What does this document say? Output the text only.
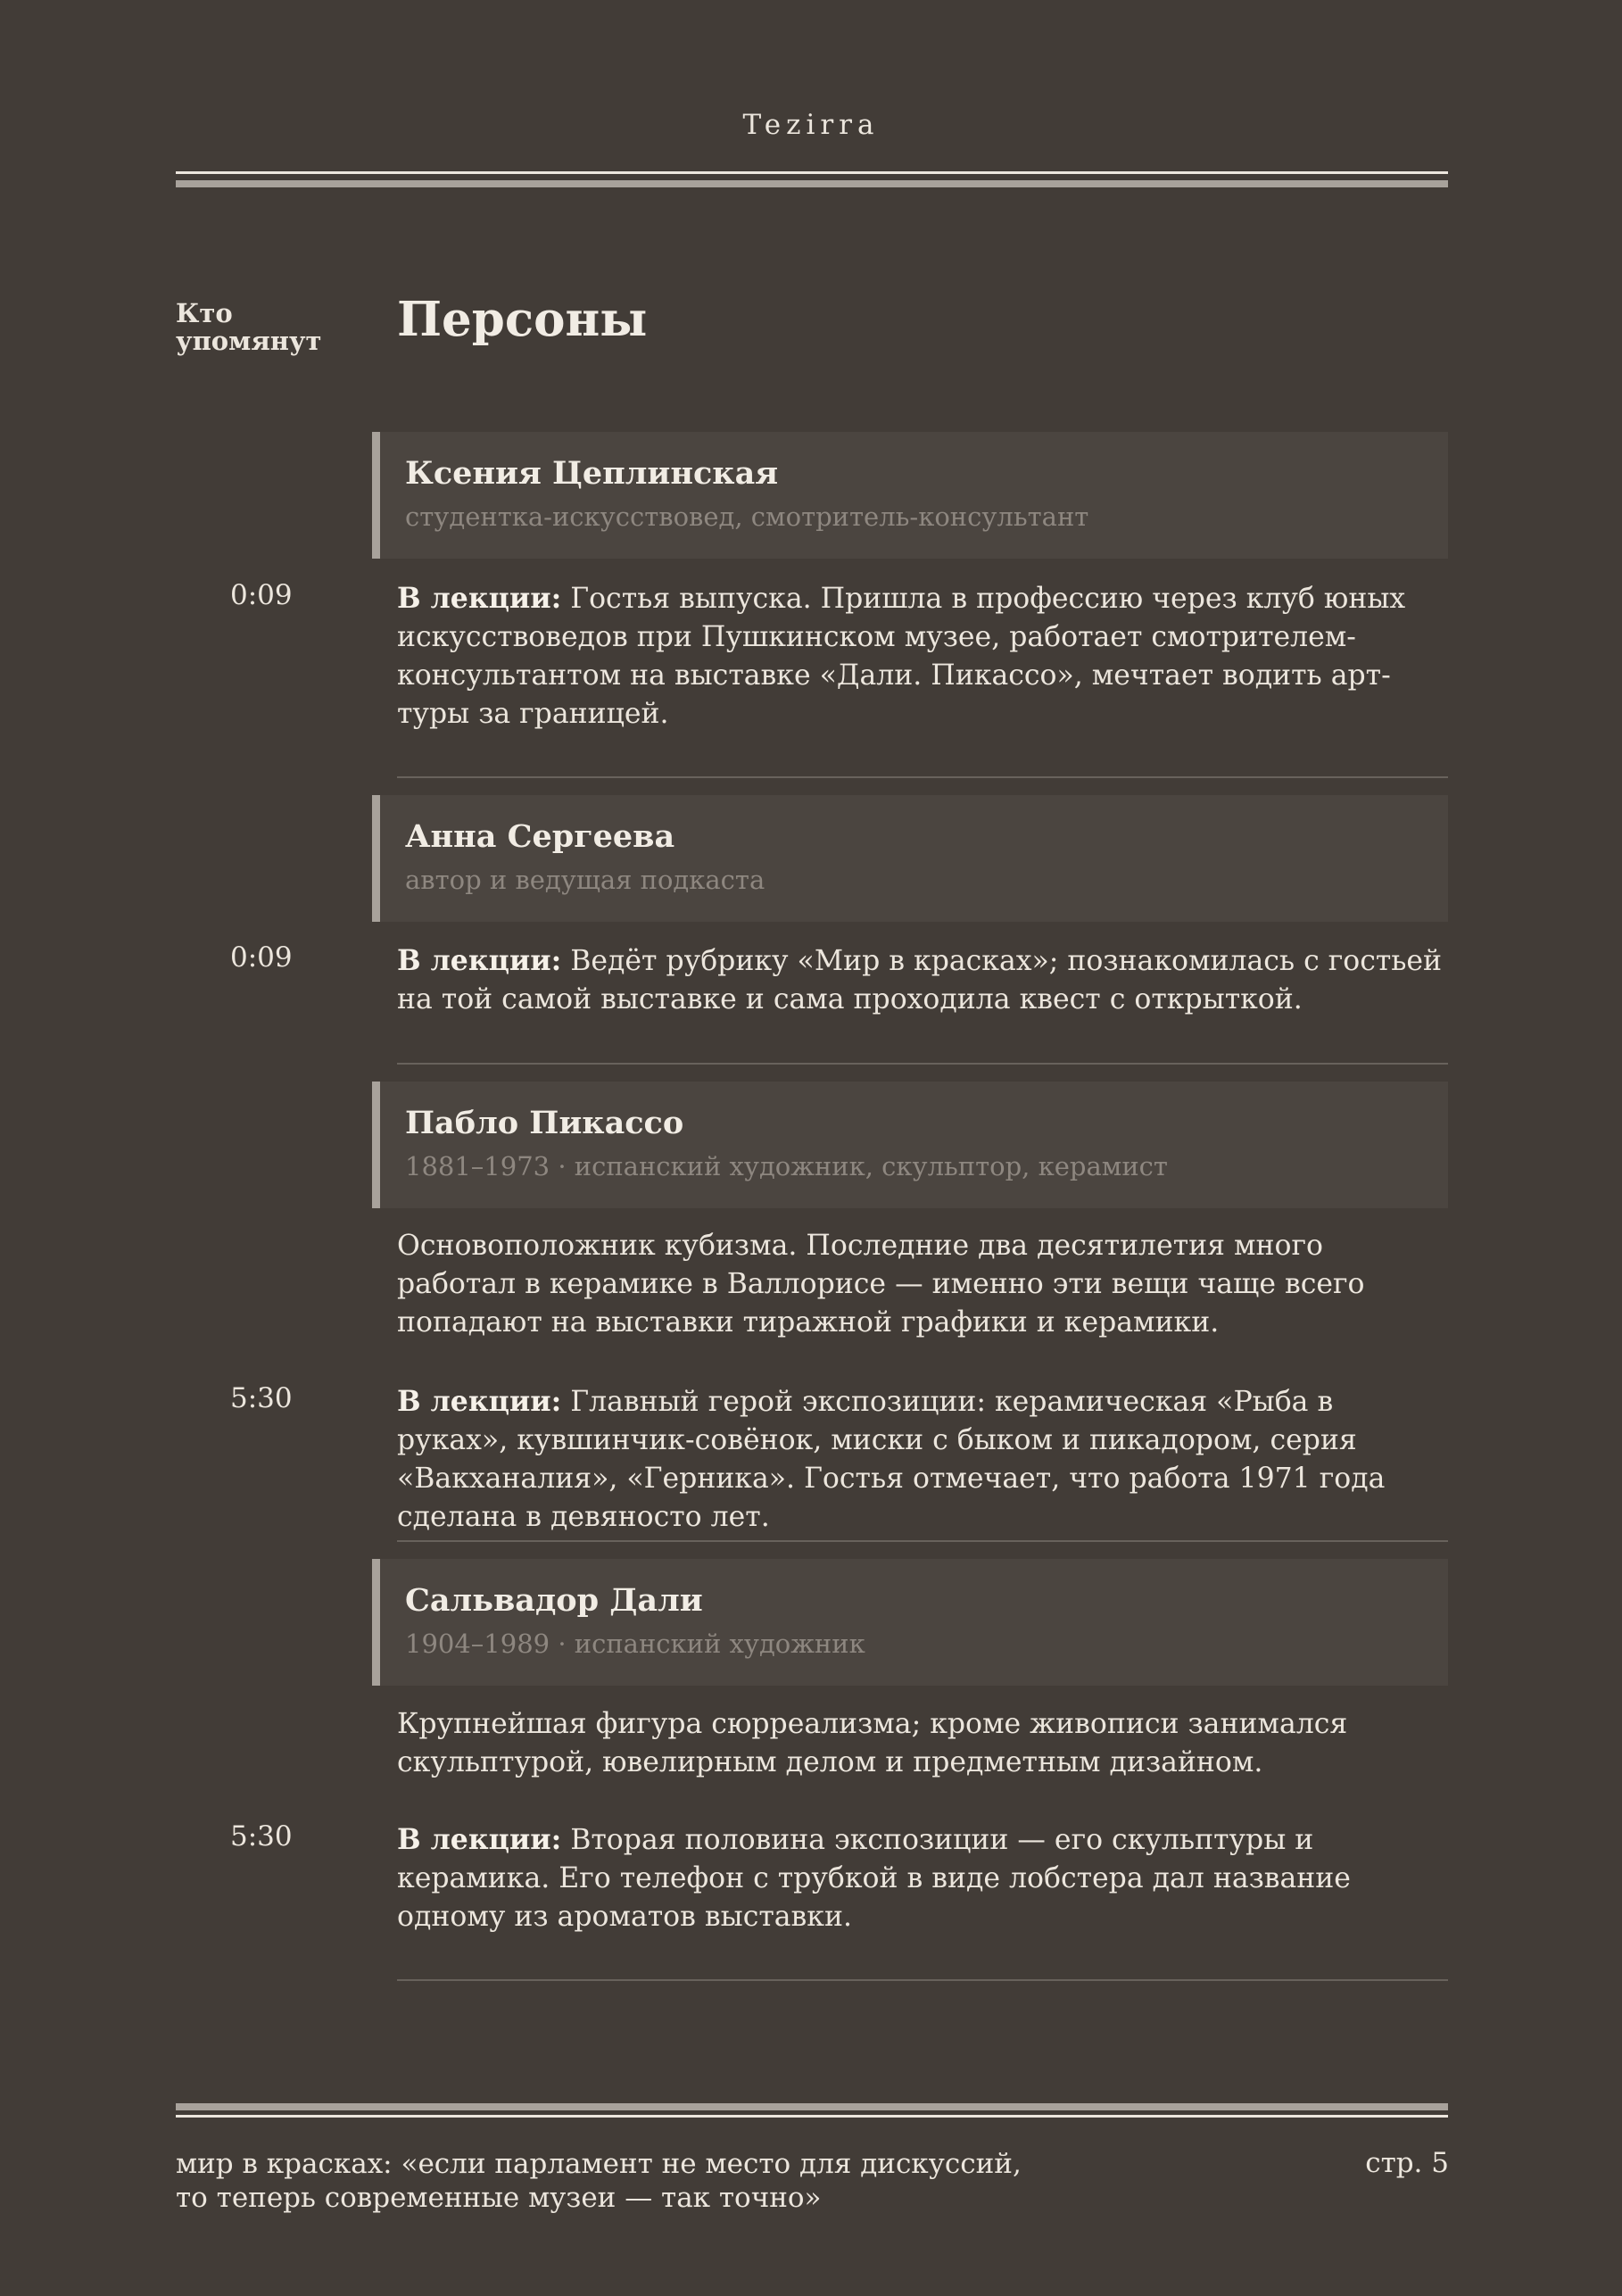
Tezirra
Кто
упомянут Персоны
Ксения Цеплинская
студентка-искусствовед, смотритель-консультант
0:09	В лекции: Гостья выпуска. Пришла в профессию через клуб юных искусствоведов при Пушкинском музее, работает смотрителем-консультантом на выставке «Дали. Пикассо», мечтает водить арт-туры за границей.
Анна Сергеева
автор и ведущая подкаста
0:09	В лекции: Ведёт рубрику «Мир в красках»; познакомилась с гостьей на той самой выставке и сама проходила квест с открыткой.
Пабло Пикассо
1881–1973 · испанский художник, скульптор, керамист
Основоположник кубизма. Последние два десятилетия много работал в керамике в Валлорисе — именно эти вещи чаще всего попадают на выставки тиражной графики и керамики.
5:30	В лекции: Главный герой экспозиции: керамическая «Рыба в руках», кувшинчик-совёнок, миски с быком и пикадором, серия «Вакханалия», «Герника». Гостья отмечает, что работа 1971 года сделана в девяносто лет.
Сальвадор Дали
1904–1989 · испанский художник
Крупнейшая фигура сюрреализма; кроме живописи занимался скульптурой, ювелирным делом и предметным дизайном.
5:30	В лекции: Вторая половина экспозиции — его скульптуры и керамика. Его телефон с трубкой в виде лобстера дал название одному из ароматов выставки.
мир в красках: «если парламент не место для дискуссий,
то теперь современные музеи — так точно»
стр. 5
